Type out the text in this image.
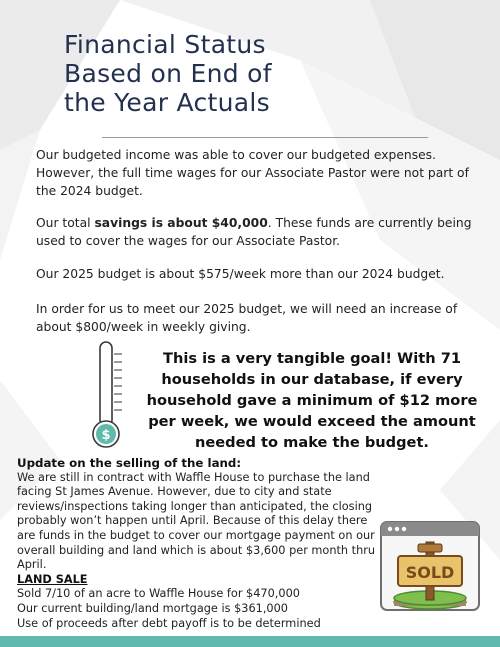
Financial Status
Based on End of
the Year Actuals

Our budgeted income was able to cover our budgeted expenses.
However, the full time wages for our Associate Pastor were not part of
the 2024 budget.

Our total savings is about $40,000. These funds are currently being
used to cover the wages for our Associate Pastor.

Our 2025 budget is about $575/week more than our 2024 budget.

In order for us to meet our 2025 budget, we will need an increase of
about $800/week in weekly giving.

$
This is a very tangible goal! With 71
households in our database, if every
household gave a minimum of $12 more
per week, we would exceed the amount
needed to make the budget.
Update on the selling of the land:
We are still in contract with Waffle House to purchase the land
facing St James Avenue. However, due to city and state
reviews/inspections taking longer than anticipated, the closing
probably won’t happen until April. Because of this delay there
are funds in the budget to cover our mortgage payment on our
overall building and land which is about $3,600 per month thru
April.
LAND SALE
Sold 7/10 of an acre to Waffle House for $470,000
Our current building/land mortgage is $361,000
Use of proceeds after debt payoff is to be determined
SOLD
